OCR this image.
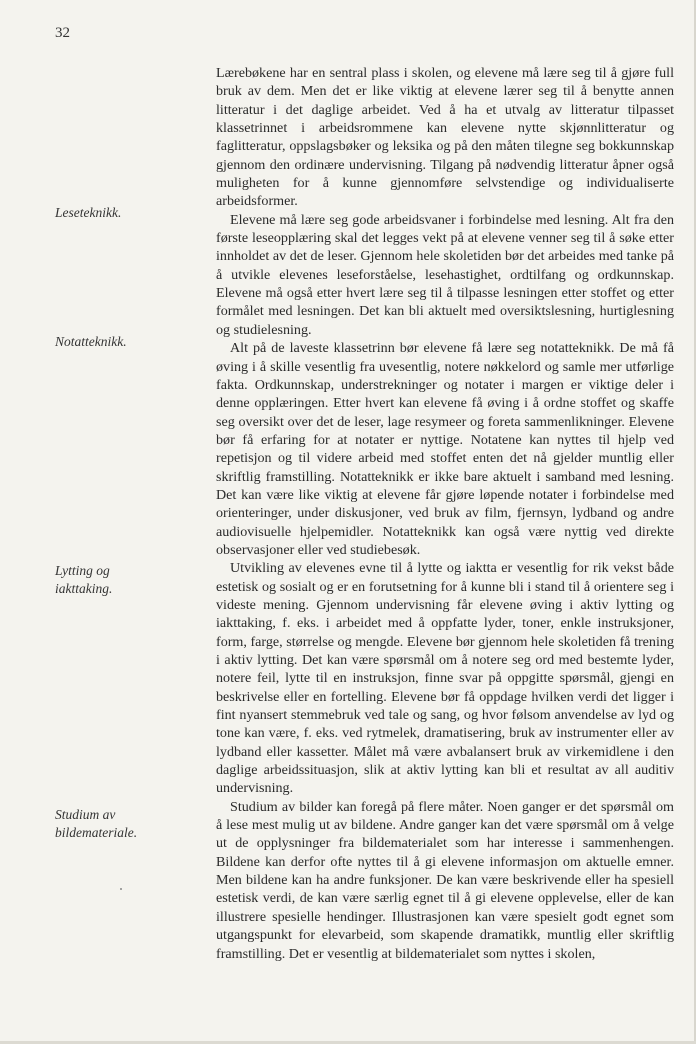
32
Leseteknikk.
Notatteknikk.
Lytting og
iakttaking.
Studium av
bildemateriale.

Lærebøkene har en sentral plass i skolen, og elevene må lære seg til å gjøre full bruk av dem. Men det er like viktig at elevene lærer seg til å benytte annen litteratur i det daglige arbeidet. Ved å ha et utvalg av litteratur tilpasset klassetrinnet i arbeidsrommene kan elevene nytte skjønnlitteratur og faglitteratur, oppslagsbøker og leksika og på den måten tilegne seg bokkunnskap gjennom den ordinære undervisning. Tilgang på nødvendig litteratur åpner også muligheten for å kunne gjennomføre selvstendige og individualiserte arbeidsformer.

Elevene må lære seg gode arbeidsvaner i forbindelse med lesning. Alt fra den første leseopplæring skal det legges vekt på at elevene venner seg til å søke etter innholdet av det de leser. Gjennom hele skoletiden bør det arbeides med tanke på å utvikle elevenes leseforståelse, lesehastighet, ordtilfang og ordkunnskap. Elevene må også etter hvert lære seg til å tilpasse lesningen etter stoffet og etter formålet med lesningen. Det kan bli aktuelt med oversiktslesning, hurtiglesning og studielesning.

Alt på de laveste klassetrinn bør elevene få lære seg notatteknikk. De må få øving i å skille vesentlig fra uvesentlig, notere nøkkelord og samle mer utførlige fakta. Ordkunnskap, understrekninger og notater i margen er viktige deler i denne opplæringen. Etter hvert kan elevene få øving i å ordne stoffet og skaffe seg oversikt over det de leser, lage resymeer og foreta sammenlikninger. Elevene bør få erfaring for at notater er nyttige. Notatene kan nyttes til hjelp ved repetisjon og til videre arbeid med stoffet enten det nå gjelder muntlig eller skriftlig framstilling. Notatteknikk er ikke bare aktuelt i samband med lesning. Det kan være like viktig at elevene får gjøre løpende notater i forbindelse med orienteringer, under diskusjoner, ved bruk av film, fjernsyn, lydband og andre audiovisuelle hjelpemidler. Notatteknikk kan også være nyttig ved direkte observasjoner eller ved studiebesøk.

Utvikling av elevenes evne til å lytte og iaktta er vesentlig for rik vekst både estetisk og sosialt og er en forutsetning for å kunne bli i stand til å orientere seg i videste mening. Gjennom undervisning får elevene øving i aktiv lytting og iakttaking, f. eks. i arbeidet med å oppfatte lyder, toner, enkle instruksjoner, form, farge, størrelse og mengde. Elevene bør gjennom hele skoletiden få trening i aktiv lytting. Det kan være spørsmål om å notere seg ord med bestemte lyder, notere feil, lytte til en instruksjon, finne svar på oppgitte spørsmål, gjengi en beskrivelse eller en fortelling. Elevene bør få oppdage hvilken verdi det ligger i fint nyansert stemmebruk ved tale og sang, og hvor følsom anvendelse av lyd og tone kan være, f. eks. ved rytmelek, dramatisering, bruk av instrumenter eller av lydband eller kassetter. Målet må være avbalansert bruk av virkemidlene i den daglige arbeidssituasjon, slik at aktiv lytting kan bli et resultat av all auditiv undervisning.

Studium av bilder kan foregå på flere måter. Noen ganger er det spørsmål om å lese mest mulig ut av bildene. Andre ganger kan det være spørsmål om å velge ut de opplysninger fra bildematerialet som har interesse i sammenhengen. Bildene kan derfor ofte nyttes til å gi elevene informasjon om aktuelle emner. Men bildene kan ha andre funksjoner. De kan være beskrivende eller ha spesiell estetisk verdi, de kan være særlig egnet til å gi elevene opplevelse, eller de kan illustrere spesielle hendinger. Illustrasjonen kan være spesielt godt egnet som utgangspunkt for elevarbeid, som skapende dramatikk, muntlig eller skriftlig framstilling. Det er vesentlig at bildematerialet som nyttes i skolen,
